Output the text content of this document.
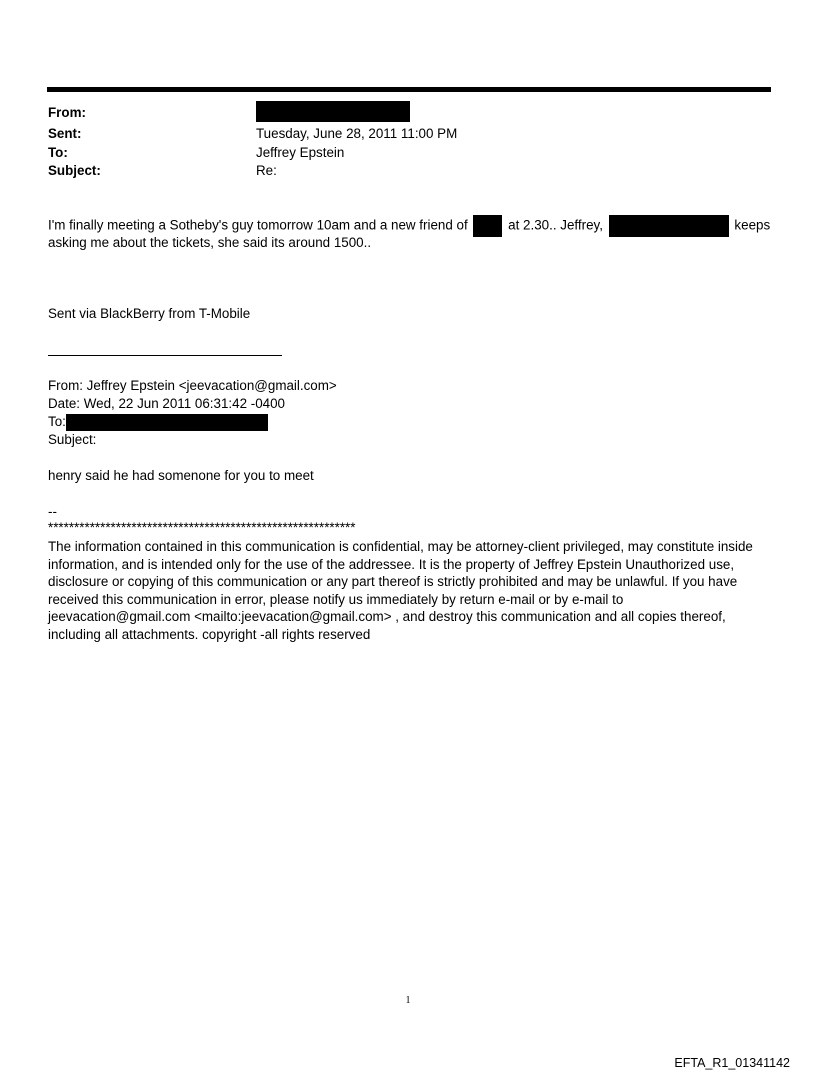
From:
Sent:	Tuesday, June 28, 2011 11:00 PM
To:	Jeffrey Epstein
Subject:	Re:
I'm finally meeting a Sotheby's guy tomorrow 10am and a new friend of	at 2.30.. Jeffrey,	keeps
asking me about the tickets, she said its around 1500..
Sent via BlackBerry from T-Mobile
From: Jeffrey Epstein <jeevacation@gmail.com>
Date: Wed, 22 Jun 2011 06:31:42 -0400
To:
Subject:
henry said he had somenone for you to meet
--
***********************************************************
The information contained in this communication is confidential, may be attorney-client privileged, may constitute inside information, and is intended only for the use of the addressee. It is the property of Jeffrey Epstein Unauthorized use, disclosure or copying of this communication or any part thereof is strictly prohibited and may be unlawful. If you have received this communication in error, please notify us immediately by return e-mail or by e-mail to jeevacation@gmail.com <mailto:jeevacation@gmail.com> , and destroy this communication and all copies thereof, including all attachments. copyright -all rights reserved
1
EFTA_R1_01341142
